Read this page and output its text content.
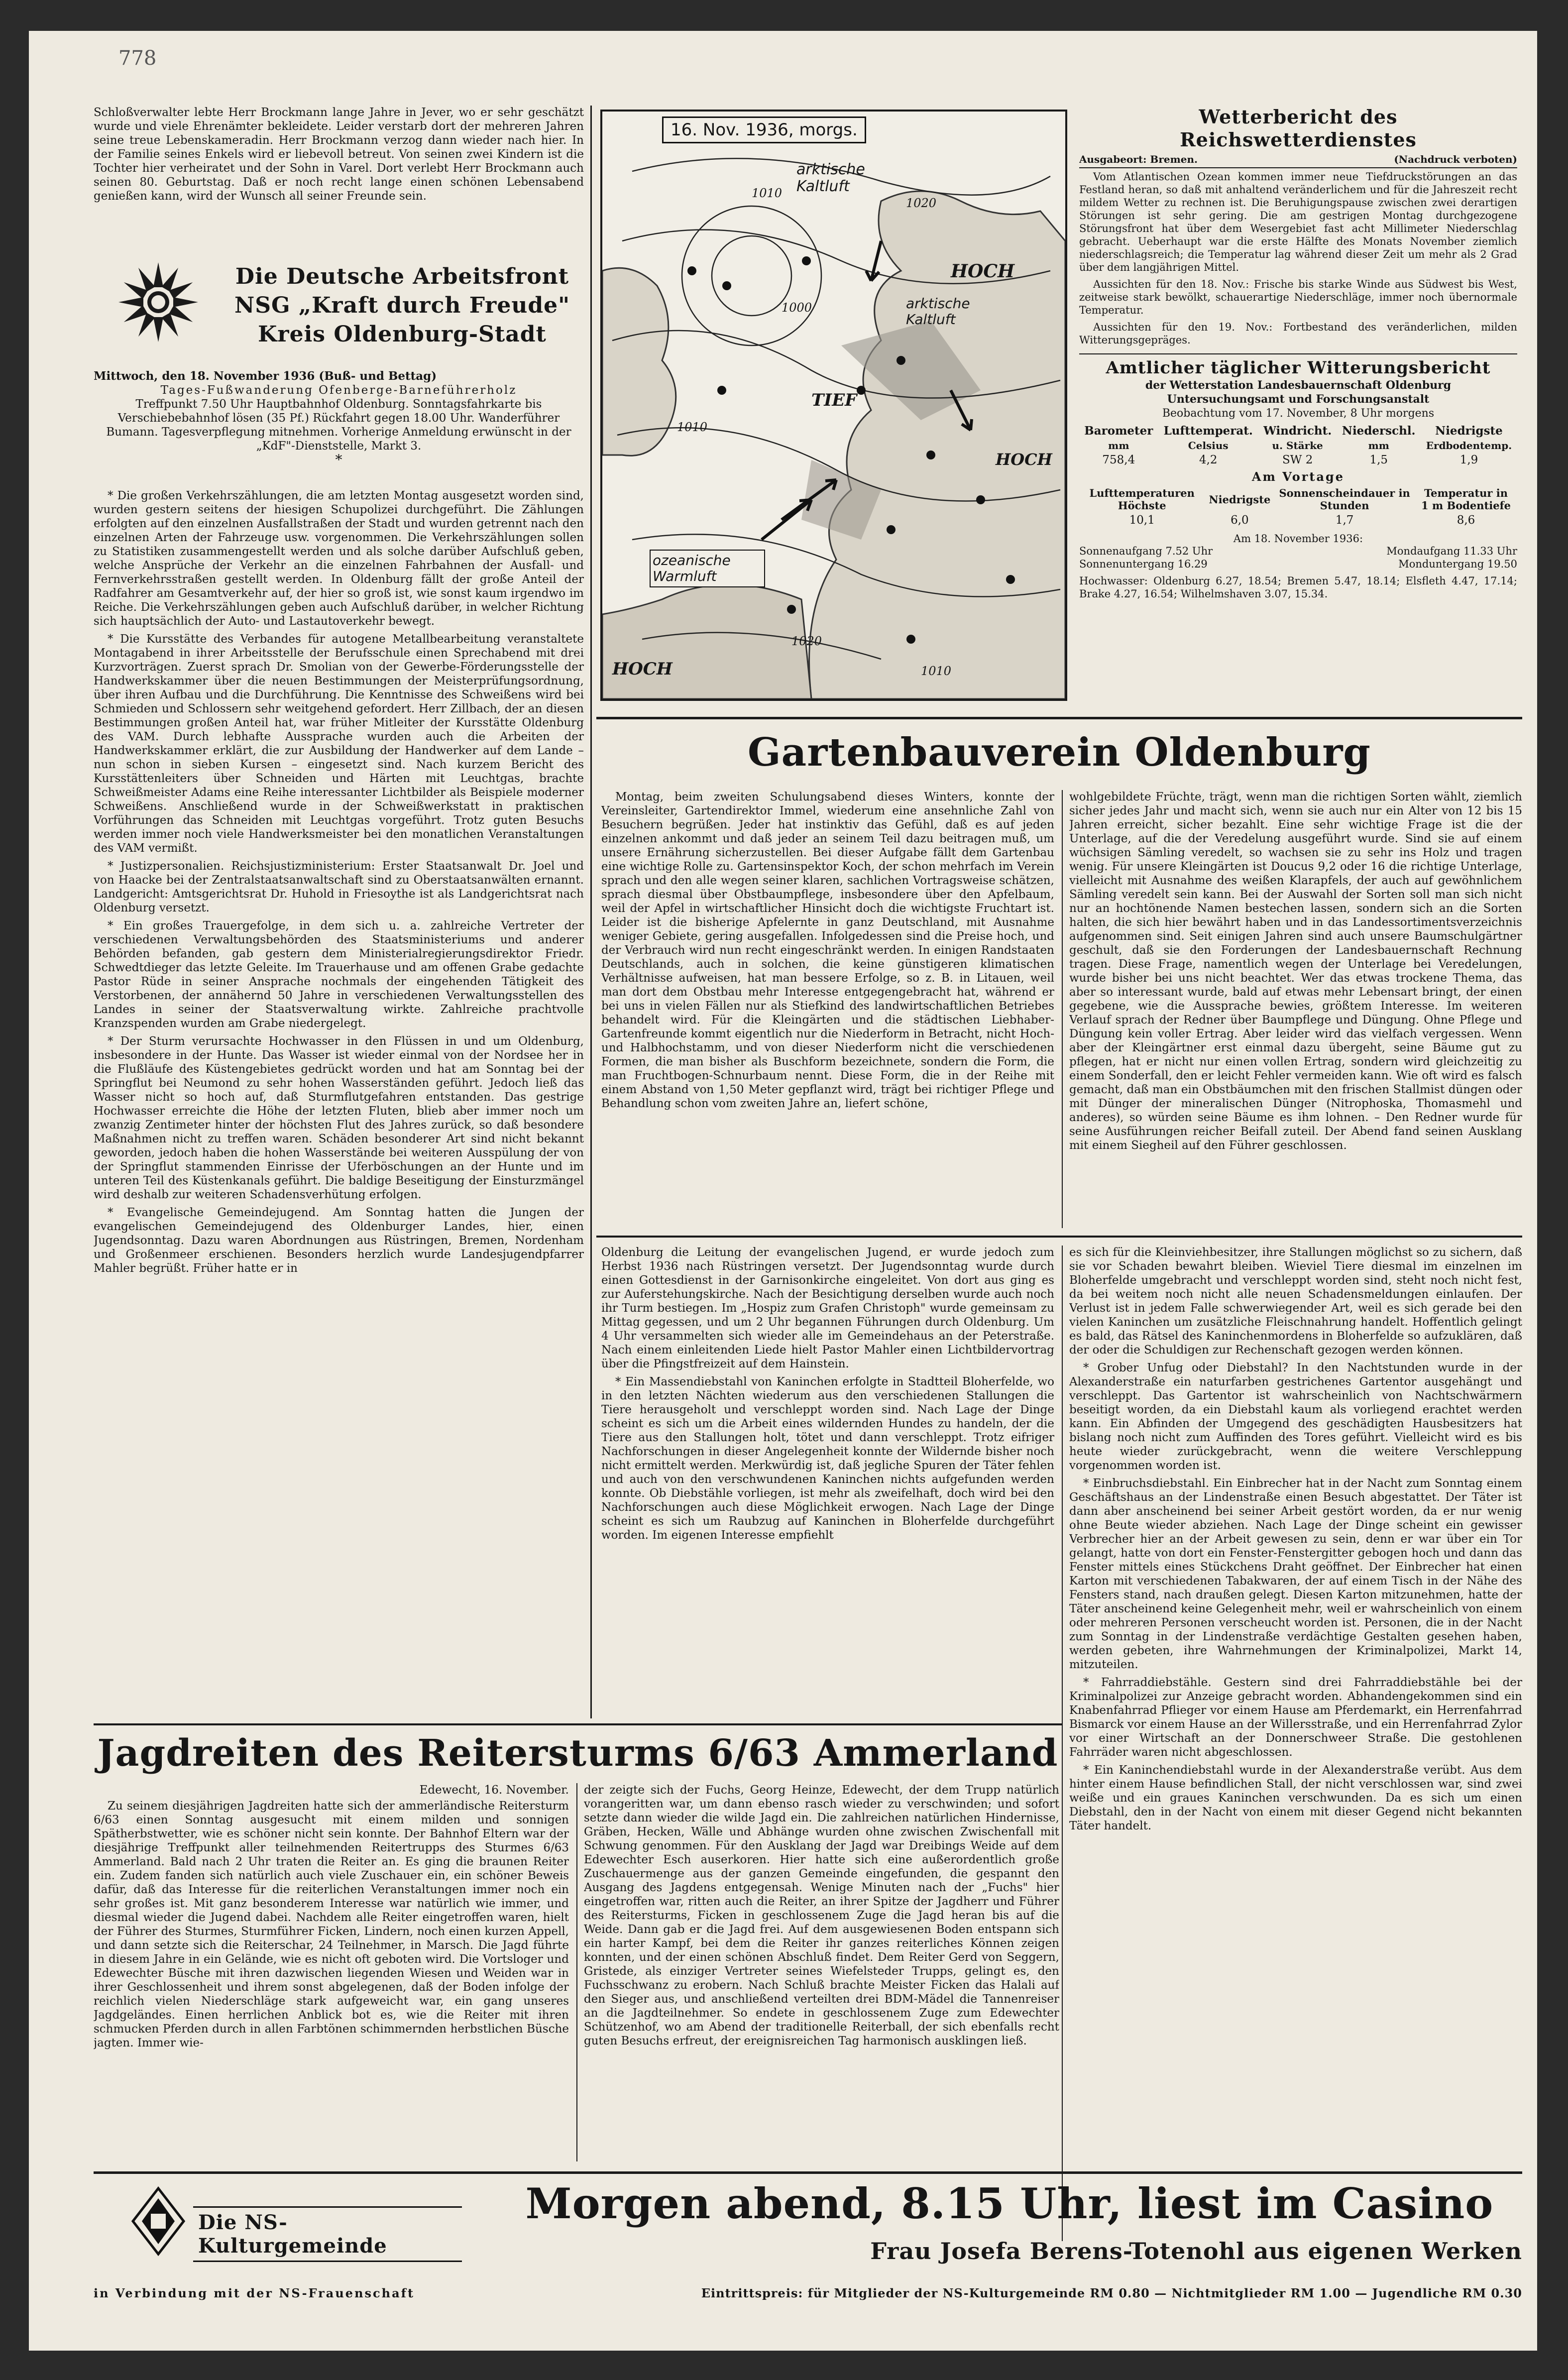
778

Schloßverwalter lebte Herr Brockmann lange Jahre in Jever, wo er sehr geschätzt wurde und viele Ehrenämter bekleidete. Leider verstarb dort der mehreren Jahren seine treue Lebenskameradin. Herr Brockmann verzog dann wieder nach hier. In der Familie seines Enkels wird er liebevoll betreut. Von seinen zwei Kindern ist die Tochter hier verheiratet und der Sohn in Varel. Dort verlebt Herr Brockmann auch seinen 80. Geburtstag. Daß er noch recht lange einen schönen Lebensabend genießen kann, wird der Wunsch all seiner Freunde sein.

Die Deutsche Arbeitsfront
NSG „Kraft durch Freude"
Kreis Oldenburg-Stadt
Mittwoch, den 18. November 1936 (Buß- und Bettag)
Tages-Fußwanderung Ofenberge-Barneführerholz
Treffpunkt 7.50 Uhr Hauptbahnhof Oldenburg. Sonntagsfahrkarte bis Verschiebebahnhof lösen (35 Pf.) Rückfahrt gegen 18.00 Uhr. Wanderführer Bumann. Tagesverpflegung mitnehmen. Vorherige Anmeldung erwünscht in der „KdF"-Dienststelle, Markt 3.
*

* Die großen Verkehrszählungen, die am letzten Montag ausgesetzt worden sind, wurden gestern seitens der hiesigen Schupolizei durchgeführt. Die Zählungen erfolgten auf den einzelnen Ausfallstraßen der Stadt und wurden getrennt nach den einzelnen Arten der Fahrzeuge usw. vorgenommen. Die Verkehrszählungen sollen zu Statistiken zusammengestellt werden und als solche darüber Aufschluß geben, welche Ansprüche der Verkehr an die einzelnen Fahrbahnen der Ausfall- und Fernverkehrsstraßen gestellt werden. In Oldenburg fällt der große Anteil der Radfahrer am Gesamtverkehr auf, der hier so groß ist, wie sonst kaum irgendwo im Reiche. Die Verkehrszählungen geben auch Aufschluß darüber, in welcher Richtung sich hauptsächlich der Auto- und Lastautoverkehr bewegt.

* Die Kursstätte des Verbandes für autogene Metallbearbeitung veranstaltete Montagabend in ihrer Arbeitsstelle der Berufsschule einen Sprechabend mit drei Kurzvorträgen. Zuerst sprach Dr. Smolian von der Gewerbe-Förderungsstelle der Handwerkskammer über die neuen Bestimmungen der Meisterprüfungsordnung, über ihren Aufbau und die Durchführung. Die Kenntnisse des Schweißens wird bei Schmieden und Schlossern sehr weitgehend gefordert. Herr Zillbach, der an diesen Bestimmungen großen Anteil hat, war früher Mitleiter der Kursstätte Oldenburg des VAM. Durch lebhafte Aussprache wurden auch die Arbeiten der Handwerkskammer erklärt, die zur Ausbildung der Handwerker auf dem Lande – nun schon in sieben Kursen – eingesetzt sind. Nach kurzem Bericht des Kursstättenleiters über Schneiden und Härten mit Leuchtgas, brachte Schweißmeister Adams eine Reihe interessanter Lichtbilder als Beispiele moderner Schweißens. Anschließend wurde in der Schweißwerkstatt in praktischen Vorführungen das Schneiden mit Leuchtgas vorgeführt. Trotz guten Besuchs werden immer noch viele Handwerksmeister bei den monatlichen Veranstaltungen des VAM vermißt.

* Justizpersonalien. Reichsjustizministerium: Erster Staatsanwalt Dr. Joel und von Haacke bei der Zentralstaatsanwaltschaft sind zu Oberstaatsanwälten ernannt. Landgericht: Amtsgerichtsrat Dr. Huhold in Friesoythe ist als Landgerichtsrat nach Oldenburg versetzt.

* Ein großes Trauergefolge, in dem sich u. a. zahlreiche Vertreter der verschiedenen Verwaltungsbehörden des Staatsministeriums und anderer Behörden befanden, gab gestern dem Ministerialregierungsdirektor Friedr. Schwedtdieger das letzte Geleite. Im Trauerhause und am offenen Grabe gedachte Pastor Rüde in seiner Ansprache nochmals der eingehenden Tätigkeit des Verstorbenen, der annähernd 50 Jahre in verschiedenen Verwaltungsstellen des Landes in seiner der Staatsverwaltung wirkte. Zahlreiche prachtvolle Kranzspenden wurden am Grabe niedergelegt.

* Der Sturm verursachte Hochwasser in den Flüssen in und um Oldenburg, insbesondere in der Hunte. Das Wasser ist wieder einmal von der Nordsee her in die Flußläufe des Küstengebietes gedrückt worden und hat am Sonntag bei der Springflut bei Neumond zu sehr hohen Wasserständen geführt. Jedoch ließ das Wasser nicht so hoch auf, daß Sturmflutgefahren entstanden. Das gestrige Hochwasser erreichte die Höhe der letzten Fluten, blieb aber immer noch um zwanzig Zentimeter hinter der höchsten Flut des Jahres zurück, so daß besondere Maßnahmen nicht zu treffen waren. Schäden besonderer Art sind nicht bekannt geworden, jedoch haben die hohen Wasserstände bei weiteren Ausspülung der von der Springflut stammenden Einrisse der Uferböschungen an der Hunte und im unteren Teil des Küstenkanals geführt. Die baldige Beseitigung der Einsturzmängel wird deshalb zur weiteren Schadensverhütung erfolgen.

* Evangelische Gemeindejugend. Am Sonntag hatten die Jungen der evangelischen Gemeindejugend des Oldenburger Landes, hier, einen Jugendsonntag. Dazu waren Abordnungen aus Rüstringen, Bremen, Nordenham und Großenmeer erschienen. Besonders herzlich wurde Landesjugendpfarrer Mahler begrüßt. Früher hatte er in

16. Nov. 1936, morgs.
arktische Kaltluft
arktische Kaltluft
ozeanische Warmluft
HOCH
HOCH
HOCH
TIEF
1010
1020
1000
1010
1020
1010
Wetterbericht des Reichswetterdienstes
Ausgabeort: Bremen.	(Nachdruck verboten)

Vom Atlantischen Ozean kommen immer neue Tiefdruckstörungen an das Festland heran, so daß mit anhaltend veränderlichem und für die Jahreszeit recht mildem Wetter zu rechnen ist. Die Beruhigungspause zwischen zwei derartigen Störungen ist sehr gering. Die am gestrigen Montag durchgezogene Störungsfront hat über dem Wesergebiet fast acht Millimeter Niederschlag gebracht. Ueberhaupt war die erste Hälfte des Monats November ziemlich niederschlagsreich; die Temperatur lag während dieser Zeit um mehr als 2 Grad über dem langjährigen Mittel.

Aussichten für den 18. Nov.: Frische bis starke Winde aus Südwest bis West, zeitweise stark bewölkt, schauerartige Niederschläge, immer noch übernormale Temperatur.

Aussichten für den 19. Nov.: Fortbestand des veränderlichen, milden Witterungsgepräges.

Amtlicher täglicher Witterungsbericht
der Wetterstation Landesbauernschaft Oldenburg
Untersuchungsamt und Forschungsanstalt
Beobachtung vom 17. November, 8 Uhr morgens
Barometer	Lufttemperat.	Windricht.	Niederschl.	Niedrigste
mm	Celsius	u. Stärke	mm	Erdbodentemp.
758,4	4,2	SW 2	1,5	1,9
Am Vortage
Lufttemperaturen Höchste	Niedrigste	Sonnenscheindauer in Stunden	Temperatur in 1 m Bodentiefe
10,1	6,0	1,7	8,6
Am 18. November 1936:
Sonnenaufgang 7.52 Uhr
Sonnenuntergang 16.29
Mondaufgang 11.33 Uhr
Monduntergang 19.50
Hochwasser: Oldenburg 6.27, 18.54; Bremen 5.47, 18.14; Elsfleth 4.47, 17.14; Brake 4.27, 16.54; Wilhelmshaven 3.07, 15.34.
Gartenbauverein Oldenburg

Montag, beim zweiten Schulungsabend dieses Winters, konnte der Vereinsleiter, Gartendirektor Immel, wiederum eine ansehnliche Zahl von Besuchern begrüßen. Jeder hat instinktiv das Gefühl, daß es auf jeden einzelnen ankommt und daß jeder an seinem Teil dazu beitragen muß, um unsere Ernährung sicherzustellen. Bei dieser Aufgabe fällt dem Gartenbau eine wichtige Rolle zu. Gartensinspektor Koch, der schon mehrfach im Verein sprach und den alle wegen seiner klaren, sachlichen Vortragsweise schätzen, sprach diesmal über Obstbaumpflege, insbesondere über den Apfelbaum, weil der Apfel in wirtschaftlicher Hinsicht doch die wichtigste Fruchtart ist. Leider ist die bisherige Apfelernte in ganz Deutschland, mit Ausnahme weniger Gebiete, gering ausgefallen. Infolgedessen sind die Preise hoch, und der Verbrauch wird nun recht eingeschränkt werden. In einigen Randstaaten Deutschlands, auch in solchen, die keine günstigeren klimatischen Verhältnisse aufweisen, hat man bessere Erfolge, so z. B. in Litauen, weil man dort dem Obstbau mehr Interesse entgegengebracht hat, während er bei uns in vielen Fällen nur als Stiefkind des landwirtschaftlichen Betriebes behandelt wird. Für die Kleingärten und die städtischen Liebhaber-Gartenfreunde kommt eigentlich nur die Niederform in Betracht, nicht Hoch- und Halbhochstamm, und von dieser Niederform nicht die verschiedenen Formen, die man bisher als Buschform bezeichnete, sondern die Form, die man Fruchtbogen-Schnurbaum nennt. Diese Form, die in der Reihe mit einem Abstand von 1,50 Meter gepflanzt wird, trägt bei richtiger Pflege und Behandlung schon vom zweiten Jahre an, liefert schöne,

wohlgebildete Früchte, trägt, wenn man die richtigen Sorten wählt, ziemlich sicher jedes Jahr und macht sich, wenn sie auch nur ein Alter von 12 bis 15 Jahren erreicht, sicher bezahlt. Eine sehr wichtige Frage ist die der Unterlage, auf die der Veredelung ausgeführt wurde. Sind sie auf einem wüchsigen Sämling veredelt, so wachsen sie zu sehr ins Holz und tragen wenig. Für unsere Kleingärten ist Doucus 9,2 oder 16 die richtige Unterlage, vielleicht mit Ausnahme des weißen Klarapfels, der auch auf gewöhnlichem Sämling veredelt sein kann. Bei der Auswahl der Sorten soll man sich nicht nur an hochtönende Namen bestechen lassen, sondern sich an die Sorten halten, die sich hier bewährt haben und in das Landessortimentsverzeichnis aufgenommen sind. Seit einigen Jahren sind auch unsere Baumschulgärtner geschult, daß sie den Forderungen der Landesbauernschaft Rechnung tragen. Diese Frage, namentlich wegen der Unterlage bei Veredelungen, wurde bisher bei uns nicht beachtet. Wer das etwas trockene Thema, das aber so interessant wurde, bald auf etwas mehr Lebensart bringt, der einen gegebene, wie die Aussprache bewies, größtem Interesse. Im weiteren Verlauf sprach der Redner über Baumpflege und Düngung. Ohne Pflege und Düngung kein voller Ertrag. Aber leider wird das vielfach vergessen. Wenn aber der Kleingärtner erst einmal dazu übergeht, seine Bäume gut zu pflegen, hat er nicht nur einen vollen Ertrag, sondern wird gleichzeitig zu einem Sonderfall, den er leicht Fehler vermeiden kann. Wie oft wird es falsch gemacht, daß man ein Obstbäumchen mit den frischen Stallmist düngen oder mit Dünger der mineralischen Dünger (Nitrophoska, Thomasmehl und anderes), so würden seine Bäume es ihm lohnen. – Den Redner wurde für seine Ausführungen reicher Beifall zuteil. Der Abend fand seinen Ausklang mit einem Siegheil auf den Führer geschlossen.

Oldenburg die Leitung der evangelischen Jugend, er wurde jedoch zum Herbst 1936 nach Rüstringen versetzt. Der Jugendsonntag wurde durch einen Gottesdienst in der Garnisonkirche eingeleitet. Von dort aus ging es zur Auferstehungskirche. Nach der Besichtigung derselben wurde auch noch ihr Turm bestiegen. Im „Hospiz zum Grafen Christoph" wurde gemeinsam zu Mittag gegessen, und um 2 Uhr begannen Führungen durch Oldenburg. Um 4 Uhr versammelten sich wieder alle im Gemeindehaus an der Peterstraße. Nach einem einleitenden Liede hielt Pastor Mahler einen Lichtbildervortrag über die Pfingstfreizeit auf dem Hainstein.

* Ein Massendiebstahl von Kaninchen erfolgte in Stadtteil Bloherfelde, wo in den letzten Nächten wiederum aus den verschiedenen Stallungen die Tiere herausgeholt und verschleppt worden sind. Nach Lage der Dinge scheint es sich um die Arbeit eines wildernden Hundes zu handeln, der die Tiere aus den Stallungen holt, tötet und dann verschleppt. Trotz eifriger Nachforschungen in dieser Angelegenheit konnte der Wildernde bisher noch nicht ermittelt werden. Merkwürdig ist, daß jegliche Spuren der Täter fehlen und auch von den verschwundenen Kaninchen nichts aufgefunden werden konnte. Ob Diebstähle vorliegen, ist mehr als zweifelhaft, doch wird bei den Nachforschungen auch diese Möglichkeit erwogen. Nach Lage der Dinge scheint es sich um Raubzug auf Kaninchen in Bloherfelde durchgeführt worden. Im eigenen Interesse empfiehlt

es sich für die Kleinviehbesitzer, ihre Stallungen möglichst so zu sichern, daß sie vor Schaden bewahrt bleiben. Wieviel Tiere diesmal im einzelnen im Bloherfelde umgebracht und verschleppt worden sind, steht noch nicht fest, da bei weitem noch nicht alle neuen Schadensmeldungen einlaufen. Der Verlust ist in jedem Falle schwerwiegender Art, weil es sich gerade bei den vielen Kaninchen um zusätzliche Fleischnahrung handelt. Hoffentlich gelingt es bald, das Rätsel des Kaninchenmordens in Bloherfelde so aufzuklären, daß der oder die Schuldigen zur Rechenschaft gezogen werden können.

* Grober Unfug oder Diebstahl? In den Nachtstunden wurde in der Alexanderstraße ein naturfarben gestrichenes Gartentor ausgehängt und verschleppt. Das Gartentor ist wahrscheinlich von Nachtschwärmern beseitigt worden, da ein Diebstahl kaum als vorliegend erachtet werden kann. Ein Abfinden der Umgegend des geschädigten Hausbesitzers hat bislang noch nicht zum Auffinden des Tores geführt. Vielleicht wird es bis heute wieder zurückgebracht, wenn die weitere Verschleppung vorgenommen worden ist.

* Einbruchsdiebstahl. Ein Einbrecher hat in der Nacht zum Sonntag einem Geschäftshaus an der Lindenstraße einen Besuch abgestattet. Der Täter ist dann aber anscheinend bei seiner Arbeit gestört worden, da er nur wenig ohne Beute wieder abziehen. Nach Lage der Dinge scheint ein gewisser Verbrecher hier an der Arbeit gewesen zu sein, denn er war über ein Tor gelangt, hatte von dort ein Fenster-Fenstergitter gebogen hoch und dann das Fenster mittels eines Stückchens Draht geöffnet. Der Einbrecher hat einen Karton mit verschiedenen Tabakwaren, der auf einem Tisch in der Nähe des Fensters stand, nach draußen gelegt. Diesen Karton mitzunehmen, hatte der Täter anscheinend keine Gelegenheit mehr, weil er wahrscheinlich von einem oder mehreren Personen verscheucht worden ist. Personen, die in der Nacht zum Sonntag in der Lindenstraße verdächtige Gestalten gesehen haben, werden gebeten, ihre Wahrnehmungen der Kriminalpolizei, Markt 14, mitzuteilen.

* Fahrraddiebstähle. Gestern sind drei Fahrraddiebstähle bei der Kriminalpolizei zur Anzeige gebracht worden. Abhandengekommen sind ein Knabenfahrrad Pflieger vor einem Hause am Pferdemarkt, ein Herrenfahrrad Bismarck vor einem Hause an der Willersstraße, und ein Herrenfahrrad Zylor vor einer Wirtschaft an der Donnerschweer Straße. Die gestohlenen Fahrräder waren nicht abgeschlossen.

* Ein Kaninchendiebstahl wurde in der Alexanderstraße verübt. Aus dem hinter einem Hause befindlichen Stall, der nicht verschlossen war, sind zwei weiße und ein graues Kaninchen verschwunden. Da es sich um einen Diebstahl, den in der Nacht von einem mit dieser Gegend nicht bekannten Täter handelt.

Jagdreiten des Reitersturms 6/63 Ammerland
Edewecht, 16. November.

Zu seinem diesjährigen Jagdreiten hatte sich der ammerländische Reitersturm 6/63 einen Sonntag ausgesucht mit einem milden und sonnigen Spätherbstwetter, wie es schöner nicht sein konnte. Der Bahnhof Eltern war der diesjährige Treffpunkt aller teilnehmenden Reitertrupps des Sturmes 6/63 Ammerland. Bald nach 2 Uhr traten die Reiter an. Es ging die braunen Reiter ein. Zudem fanden sich natürlich auch viele Zuschauer ein, ein schöner Beweis dafür, daß das Interesse für die reiterlichen Veranstaltungen immer noch ein sehr großes ist. Mit ganz besonderem Interesse war natürlich wie immer, und diesmal wieder die Jugend dabei. Nachdem alle Reiter eingetroffen waren, hielt der Führer des Sturmes, Sturmführer Ficken, Lindern, noch einen kurzen Appell, und dann setzte sich die Reiterschar, 24 Teilnehmer, in Marsch. Die Jagd führte in diesem Jahre in ein Gelände, wie es nicht oft geboten wird. Die Vortsloger und Edewechter Büsche mit ihren dazwischen liegenden Wiesen und Weiden war in ihrer Geschlossenheit und ihrem sonst abgelegenen, daß der Boden infolge der reichlich vielen Niederschläge stark aufgeweicht war, ein gang unseres Jagdgeländes. Einen herrlichen Anblick bot es, wie die Reiter mit ihren schmucken Pferden durch in allen Farbtönen schimmernden herbstlichen Büsche jagten. Immer wie-

der zeigte sich der Fuchs, Georg Heinze, Edewecht, der dem Trupp natürlich vorangeritten war, um dann ebenso rasch wieder zu verschwinden; und sofort setzte dann wieder die wilde Jagd ein. Die zahlreichen natürlichen Hindernisse, Gräben, Hecken, Wälle und Abhänge wurden ohne zwischen Zwischenfall mit Schwung genommen. Für den Ausklang der Jagd war Dreibings Weide auf dem Edewechter Esch auserkoren. Hier hatte sich eine außerordentlich große Zuschauermenge aus der ganzen Gemeinde eingefunden, die gespannt den Ausgang des Jagdens entgegensah. Wenige Minuten nach der „Fuchs" hier eingetroffen war, ritten auch die Reiter, an ihrer Spitze der Jagdherr und Führer des Reitersturms, Ficken in geschlossenem Zuge die Jagd heran bis auf die Weide. Dann gab er die Jagd frei. Auf dem ausgewiesenen Boden entspann sich ein harter Kampf, bei dem die Reiter ihr ganzes reiterliches Können zeigen konnten, und der einen schönen Abschluß findet. Dem Reiter Gerd von Seggern, Gristede, als einziger Vertreter seines Wiefelsteder Trupps, gelingt es, den Fuchsschwanz zu erobern. Nach Schluß brachte Meister Ficken das Halali auf den Sieger aus, und anschließend verteilten drei BDM-Mädel die Tannenreiser an die Jagdteilnehmer. So endete in geschlossenem Zuge zum Edewechter Schützenhof, wo am Abend der traditionelle Reiterball, der sich ebenfalls recht guten Besuchs erfreut, der ereignisreichen Tag harmonisch ausklingen ließ.

Die NS-Kulturgemeinde
in Verbindung mit der NS-Frauenschaft
Morgen abend, 8.15 Uhr, liest im Casino
Frau Josefa Berens-Totenohl aus eigenen Werken
Eintrittspreis: für Mitglieder der NS-Kulturgemeinde RM 0.80 — Nichtmitglieder RM 1.00 — Jugendliche RM 0.30
